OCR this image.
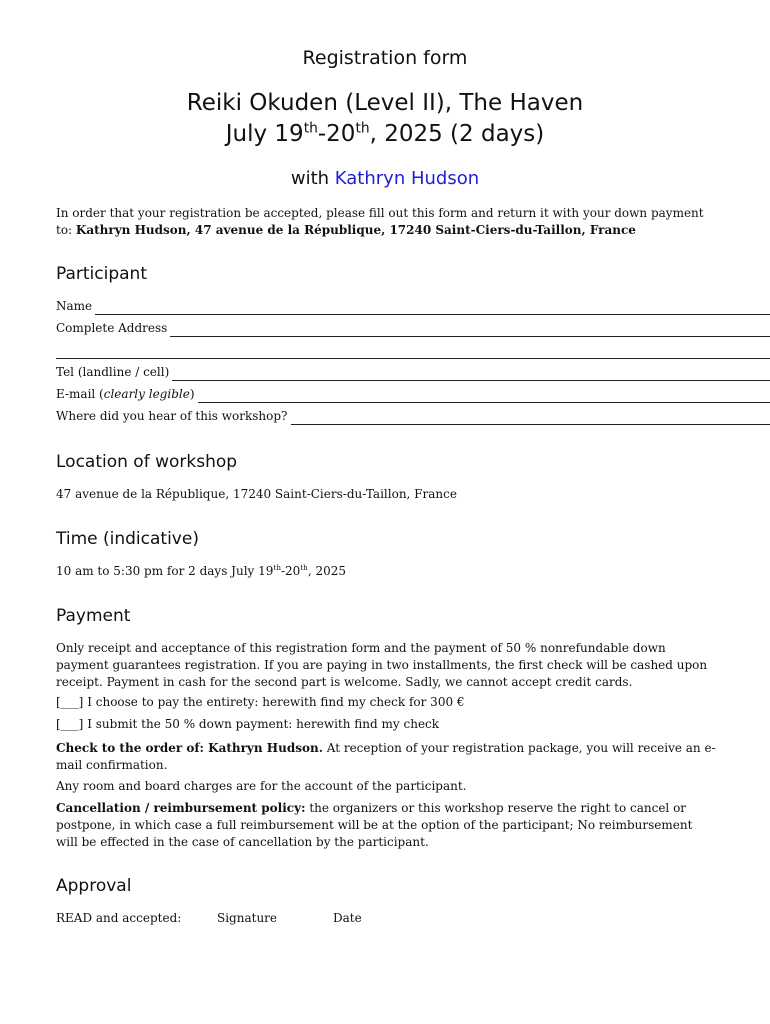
Registration form
Reiki Okuden (Level II), The Haven
July 19th-20th, 2025 (2 days)
with Kathryn Hudson
In order that your registration be accepted, please fill out this form and return it with your down payment to: Kathryn Hudson, 47 avenue de la République, 17240 Saint-Ciers-du-Taillon, France
Participant
Name
Complete Address
Tel (landline / cell)
E-mail (clearly legible)
Where did you hear of this workshop?
Location of workshop
47 avenue de la République, 17240 Saint-Ciers-du-Taillon, France
Time (indicative)
10 am to 5:30 pm for 2 days July 19th-20th, 2025
Payment
Only receipt and acceptance of this registration form and the payment of 50 % nonrefundable down payment guarantees registration. If you are paying in two installments, the first check will be cashed upon receipt. Payment in cash for the second part is welcome. Sadly, we cannot accept credit cards.
[___] I choose to pay the entirety: herewith find my check for 300 €
[___] I submit the 50 % down payment: herewith find my check
Check to the order of: Kathryn Hudson. At reception of your registration package, you will receive an e-mail confirmation.
Any room and board charges are for the account of the participant.
Cancellation / reimbursement policy: the organizers or this workshop reserve the right to cancel or postpone, in which case a full reimbursement will be at the option of the participant; No reimbursement will be effected in the case of cancellation by the participant.
Approval
READ and accepted:	Signature	Date
